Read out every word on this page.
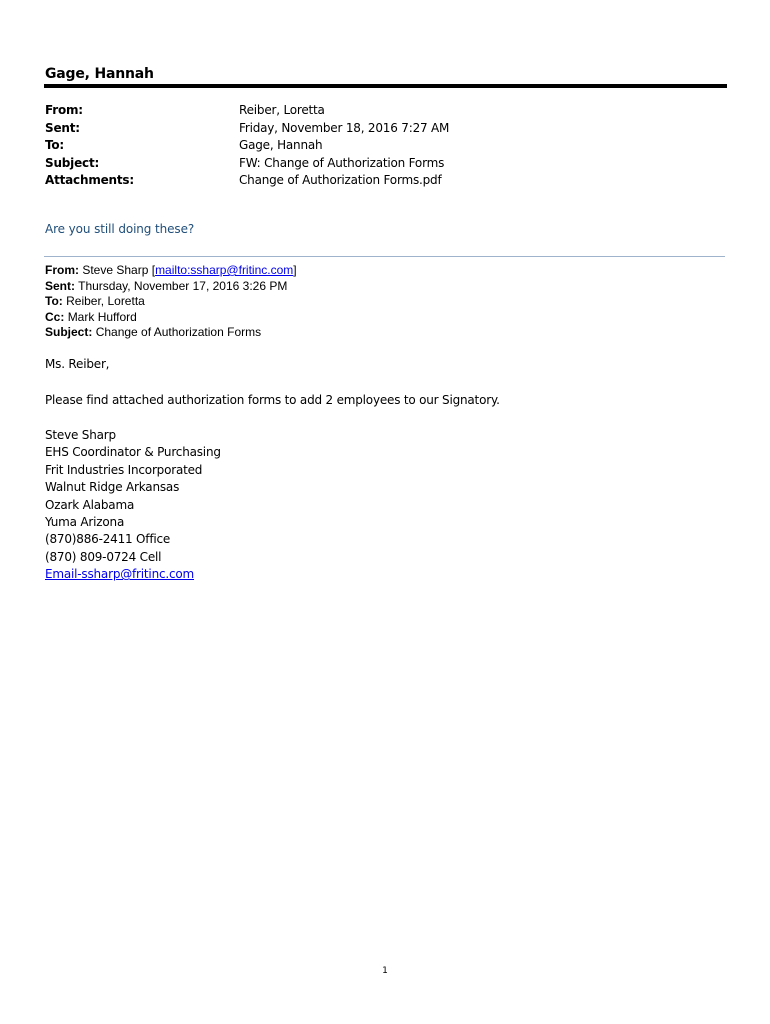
Gage, Hannah
From:	Reiber, Loretta
Sent:	Friday, November 18, 2016 7:27 AM
To:	Gage, Hannah
Subject:	FW: Change of Authorization Forms
Attachments:	Change of Authorization Forms.pdf
Are you still doing these?
From: Steve Sharp [mailto:ssharp@fritinc.com]
Sent: Thursday, November 17, 2016 3:26 PM
To: Reiber, Loretta
Cc: Mark Hufford
Subject: Change of Authorization Forms
Ms. Reiber,
Please find attached authorization forms to add 2 employees to our Signatory.
Steve Sharp
EHS Coordinator & Purchasing
Frit Industries Incorporated
Walnut Ridge Arkansas
Ozark Alabama
Yuma Arizona
(870)886-2411 Office
(870) 809-0724 Cell
Email-ssharp@fritinc.com
1
